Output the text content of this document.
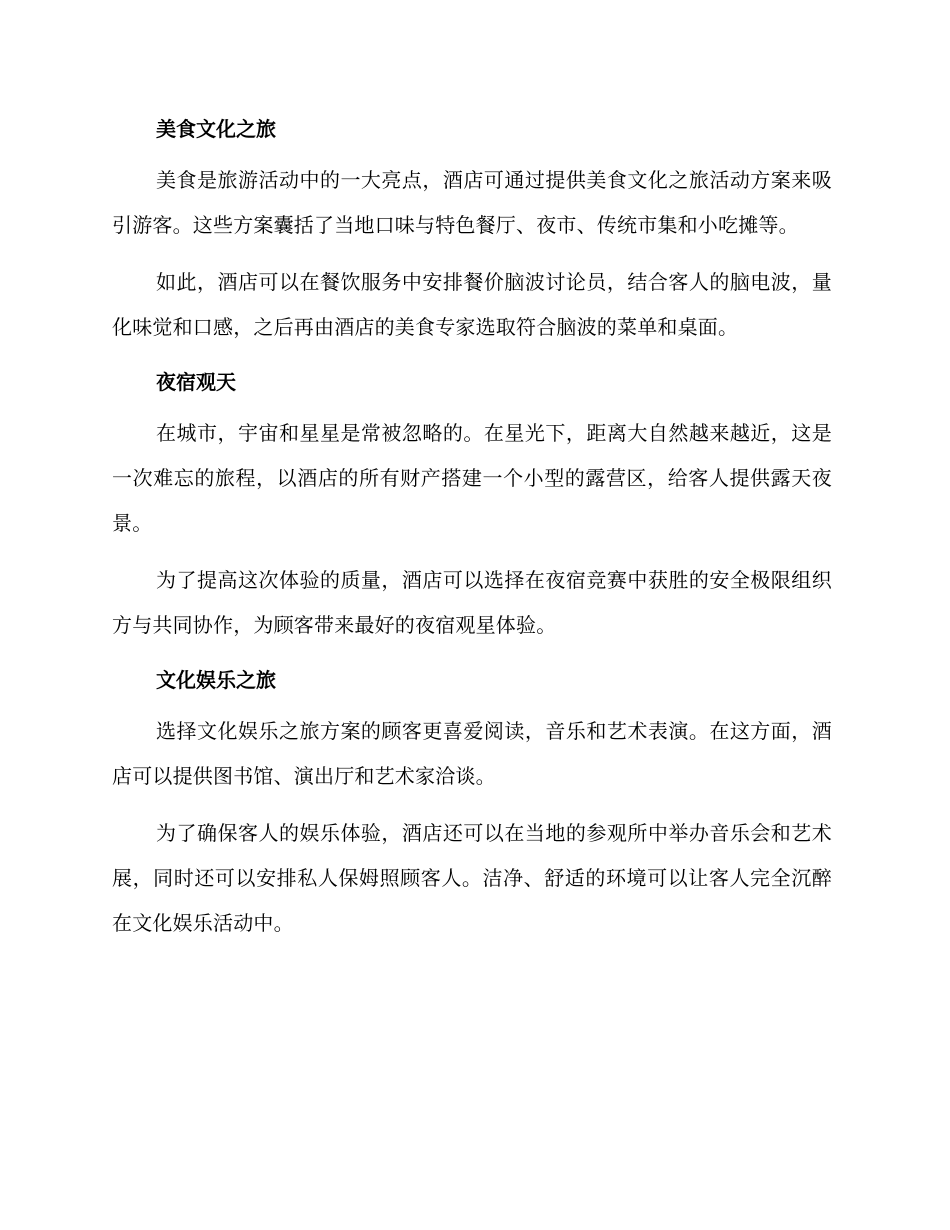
美食文化之旅

美食是旅游活动中的一大亮点，酒店可通过提供美食文化之旅活动方案来吸引游客。这些方案囊括了当地口味与特色餐厅、夜市、传统市集和小吃摊等。

如此，酒店可以在餐饮服务中安排餐价脑波讨论员，结合客人的脑电波，量化味觉和口感，之后再由酒店的美食专家选取符合脑波的菜单和桌面。

夜宿观天

在城市，宇宙和星星是常被忽略的。在星光下，距离大自然越来越近，这是一次难忘的旅程，以酒店的所有财产搭建一个小型的露营区，给客人提供露天夜景。

为了提高这次体验的质量，酒店可以选择在夜宿竞赛中获胜的安全极限组织方与共同协作，为顾客带来最好的夜宿观星体验。

文化娱乐之旅

选择文化娱乐之旅方案的顾客更喜爱阅读，音乐和艺术表演。在这方面，酒店可以提供图书馆、演出厅和艺术家洽谈。

为了确保客人的娱乐体验，酒店还可以在当地的参观所中举办音乐会和艺术展，同时还可以安排私人保姆照顾客人。洁净、舒适的环境可以让客人完全沉醉在文化娱乐活动中。
